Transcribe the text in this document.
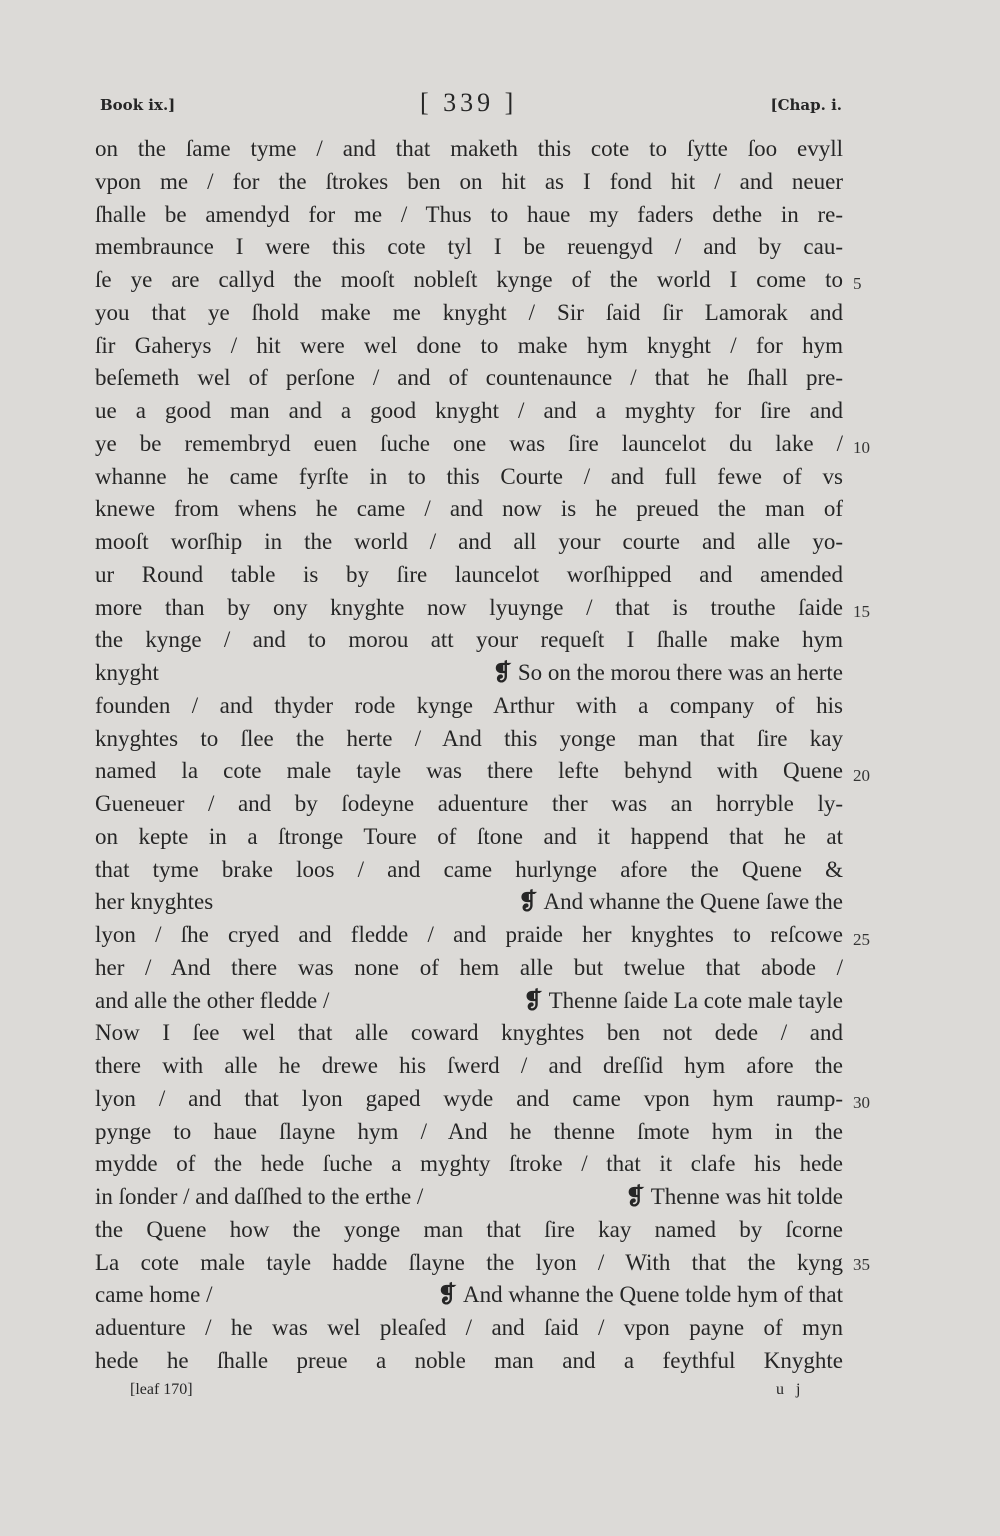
Book ix.]	[ 339 ]	[Chap. i.
on the ſame tyme / and that maketh this cote to ſytte ſoo evyll
vpon me / for the ſtrokes ben on hit as I fond hit / and neuer
ſhalle be amendyd for me / Thus to haue my faders dethe in re-
membraunce I were this cote tyl I be reuengyd / and by cau-
ſe ye are callyd the mooſt nobleſt kynge of the world I come to
you that ye ſhold make me knyght / Sir ſaid ſir Lamorak and
ſir Gaherys / hit were wel done to make hym knyght / for hym
beſemeth wel of perſone / and of countenaunce / that he ſhall pre-
ue a good man and a good knyght / and a myghty for ſire and
ye be remembryd euen ſuche one was ſire launcelot du lake /
whanne he came fyrſte in to this Courte / and full fewe of vs
knewe from whens he came / and now is he preued the man of
mooſt worſhip in the world / and all your courte and alle yo-
ur Round table is by ſire launcelot worſhipped and amended
more than by ony knyghte now lyuynge / that is trouthe ſaide
the kynge / and to morou att your requeſt I ſhalle make hym
knyght	❡ So on the morou there was an herte
founden / and thyder rode kynge Arthur with a company of his
knyghtes to ſlee the herte / And this yonge man that ſire kay
named la cote male tayle was there lefte behynd with Quene
Gueneuer / and by ſodeyne aduenture ther was an horryble ly-
on kepte in a ſtronge Toure of ſtone and it happend that he at
that tyme brake loos / and came hurlynge afore the Quene &
her knyghtes	❡ And whanne the Quene ſawe the
lyon / ſhe cryed and fledde / and praide her knyghtes to reſcowe
her / And there was none of hem alle but twelue that abode /
and alle the other fledde /	❡ Thenne ſaide La cote male tayle
Now I ſee wel that alle coward knyghtes ben not dede / and
there with alle he drewe his ſwerd / and dreſſid hym afore the
lyon / and that lyon gaped wyde and came vpon hym raump-
pynge to haue ſlayne hym / And he thenne ſmote hym in the
mydde of the hede ſuche a myghty ſtroke / that it clafe his hede
in ſonder / and daſſhed to the erthe /	❡ Thenne was hit tolde
the Quene how the yonge man that ſire kay named by ſcorne
La cote male tayle hadde ſlayne the lyon / With that the kyng
came home /	❡ And whanne the Quene tolde hym of that
aduenture / he was wel pleaſed / and ſaid / vpon payne of myn
hede he ſhalle preue a noble man and a feythful Knyghte
5
10
15
20
25
30
35
[leaf 170]	u j
